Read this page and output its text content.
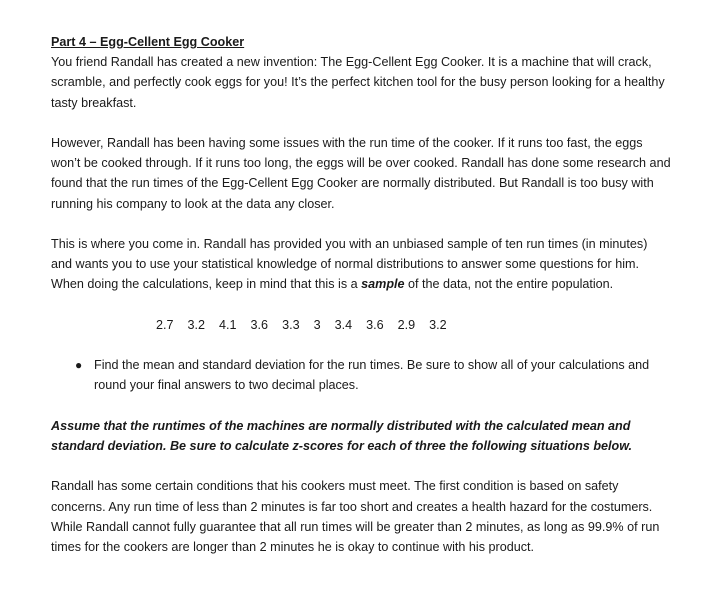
Part 4 – Egg-Cellent Egg Cooker

You friend Randall has created a new invention: The Egg-Cellent Egg Cooker. It is a machine that will crack, scramble, and perfectly cook eggs for you! It’s the perfect kitchen tool for the busy person looking for a healthy tasty breakfast.

However, Randall has been having some issues with the run time of the cooker. If it runs too fast, the eggs won’t be cooked through. If it runs too long, the eggs will be over cooked. Randall has done some research and found that the run times of the Egg-Cellent Egg Cooker are normally distributed. But Randall is too busy with running his company to look at the data any closer.

This is where you come in. Randall has provided you with an unbiased sample of ten run times (in minutes) and wants you to use your statistical knowledge of normal distributions to answer some questions for him. When doing the calculations, keep in mind that this is a sample of the data, not the entire population.

2.7 3.2 4.1 3.6 3.3 3 3.4 3.6 2.9 3.2
● Find the mean and standard deviation for the run times. Be sure to show all of your calculations and round your final answers to two decimal places.

Assume that the runtimes of the machines are normally distributed with the calculated mean and standard deviation. Be sure to calculate z-scores for each of three the following situations below.

Randall has some certain conditions that his cookers must meet. The first condition is based on safety concerns. Any run time of less than 2 minutes is far too short and creates a health hazard for the costumers. While Randall cannot fully guarantee that all run times will be greater than 2 minutes, as long as 99.9% of run times for the cookers are longer than 2 minutes he is okay to continue with his product.
